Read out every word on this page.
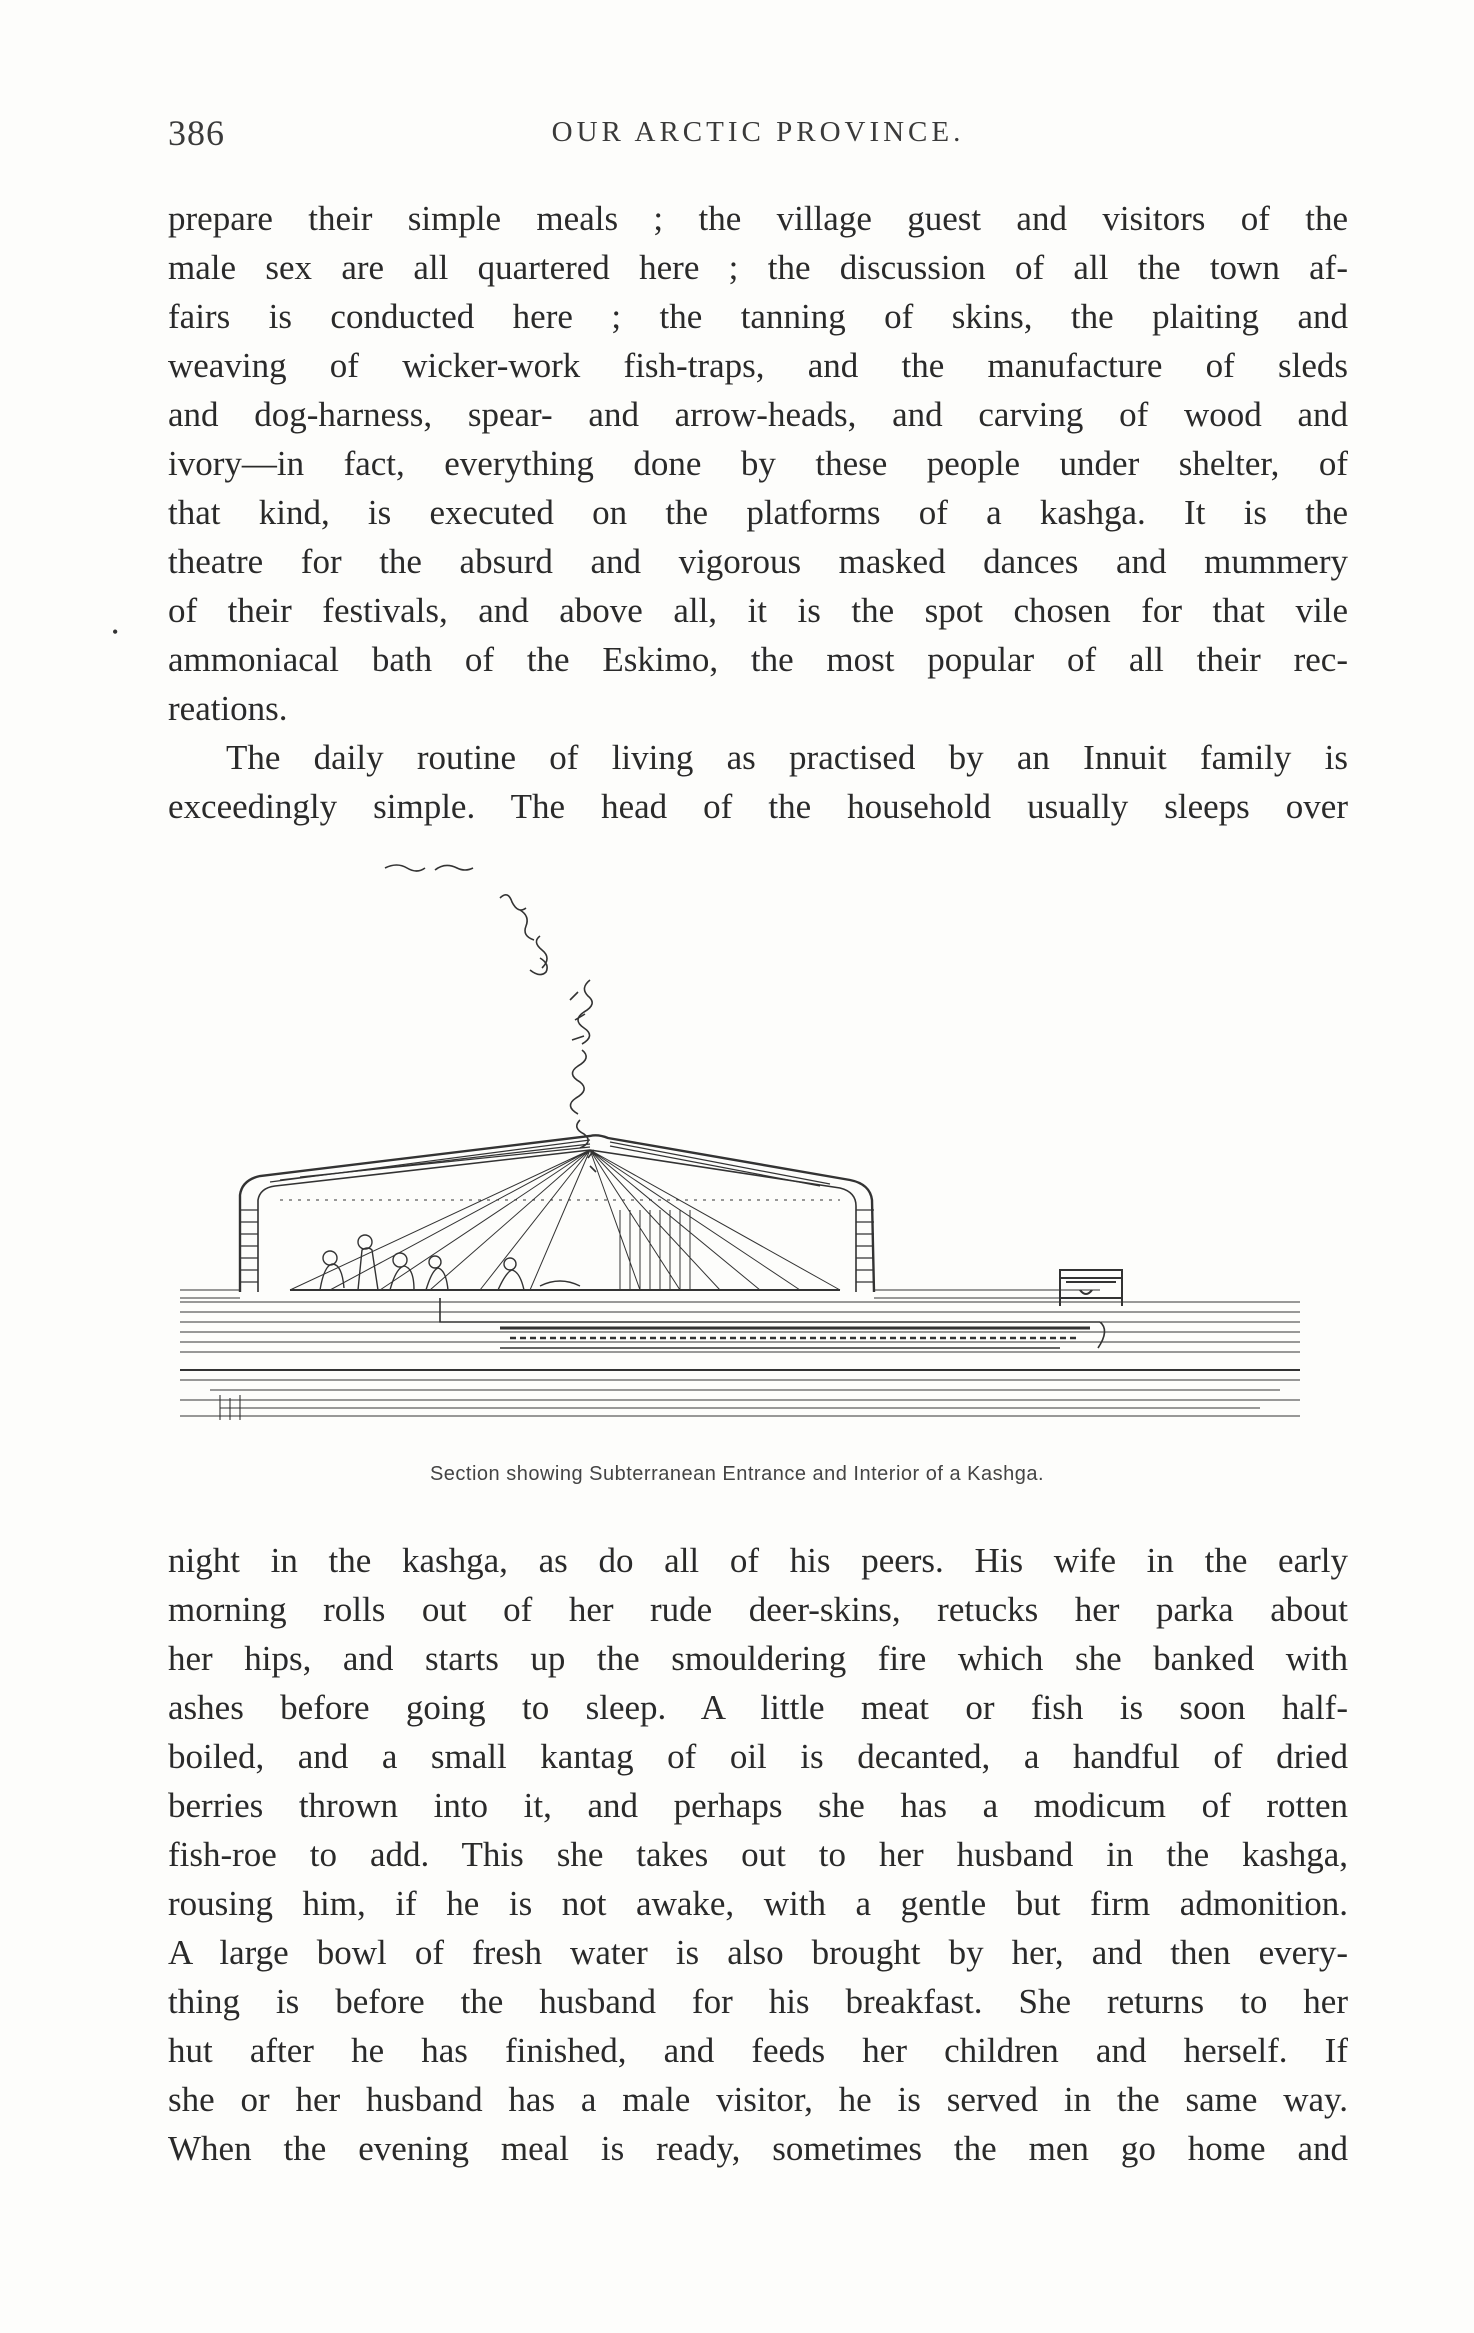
386	OUR ARCTIC PROVINCE.
prepare their simple meals ; the village guest and visitors of the
male sex are all quartered here ; the discussion of all the town af-
fairs is conducted here ; the tanning of skins, the plaiting and
weaving of wicker-work fish-traps, and the manufacture of sleds
and dog-harness, spear- and arrow-heads, and carving of wood and
ivory—in fact, everything done by these people under shelter, of
that kind, is executed on the platforms of a kashga. It is the
theatre for the absurd and vigorous masked dances and mummery
of their festivals, and above all, it is the spot chosen for that vile
ammoniacal bath of the Eskimo, the most popular of all their rec-
reations.
The daily routine of living as practised by an Innuit family is
exceedingly simple. The head of the household usually sleeps over
•
Section showing Subterranean Entrance and Interior of a Kashga.
night in the kashga, as do all of his peers. His wife in the early
morning rolls out of her rude deer-skins, retucks her parka about
her hips, and starts up the smouldering fire which she banked with
ashes before going to sleep. A little meat or fish is soon half-
boiled, and a small kantag of oil is decanted, a handful of dried
berries thrown into it, and perhaps she has a modicum of rotten
fish-roe to add. This she takes out to her husband in the kashga,
rousing him, if he is not awake, with a gentle but firm admonition.
A large bowl of fresh water is also brought by her, and then every-
thing is before the husband for his breakfast. She returns to her
hut after he has finished, and feeds her children and herself. If
she or her husband has a male visitor, he is served in the same way.
When the evening meal is ready, sometimes the men go home and
